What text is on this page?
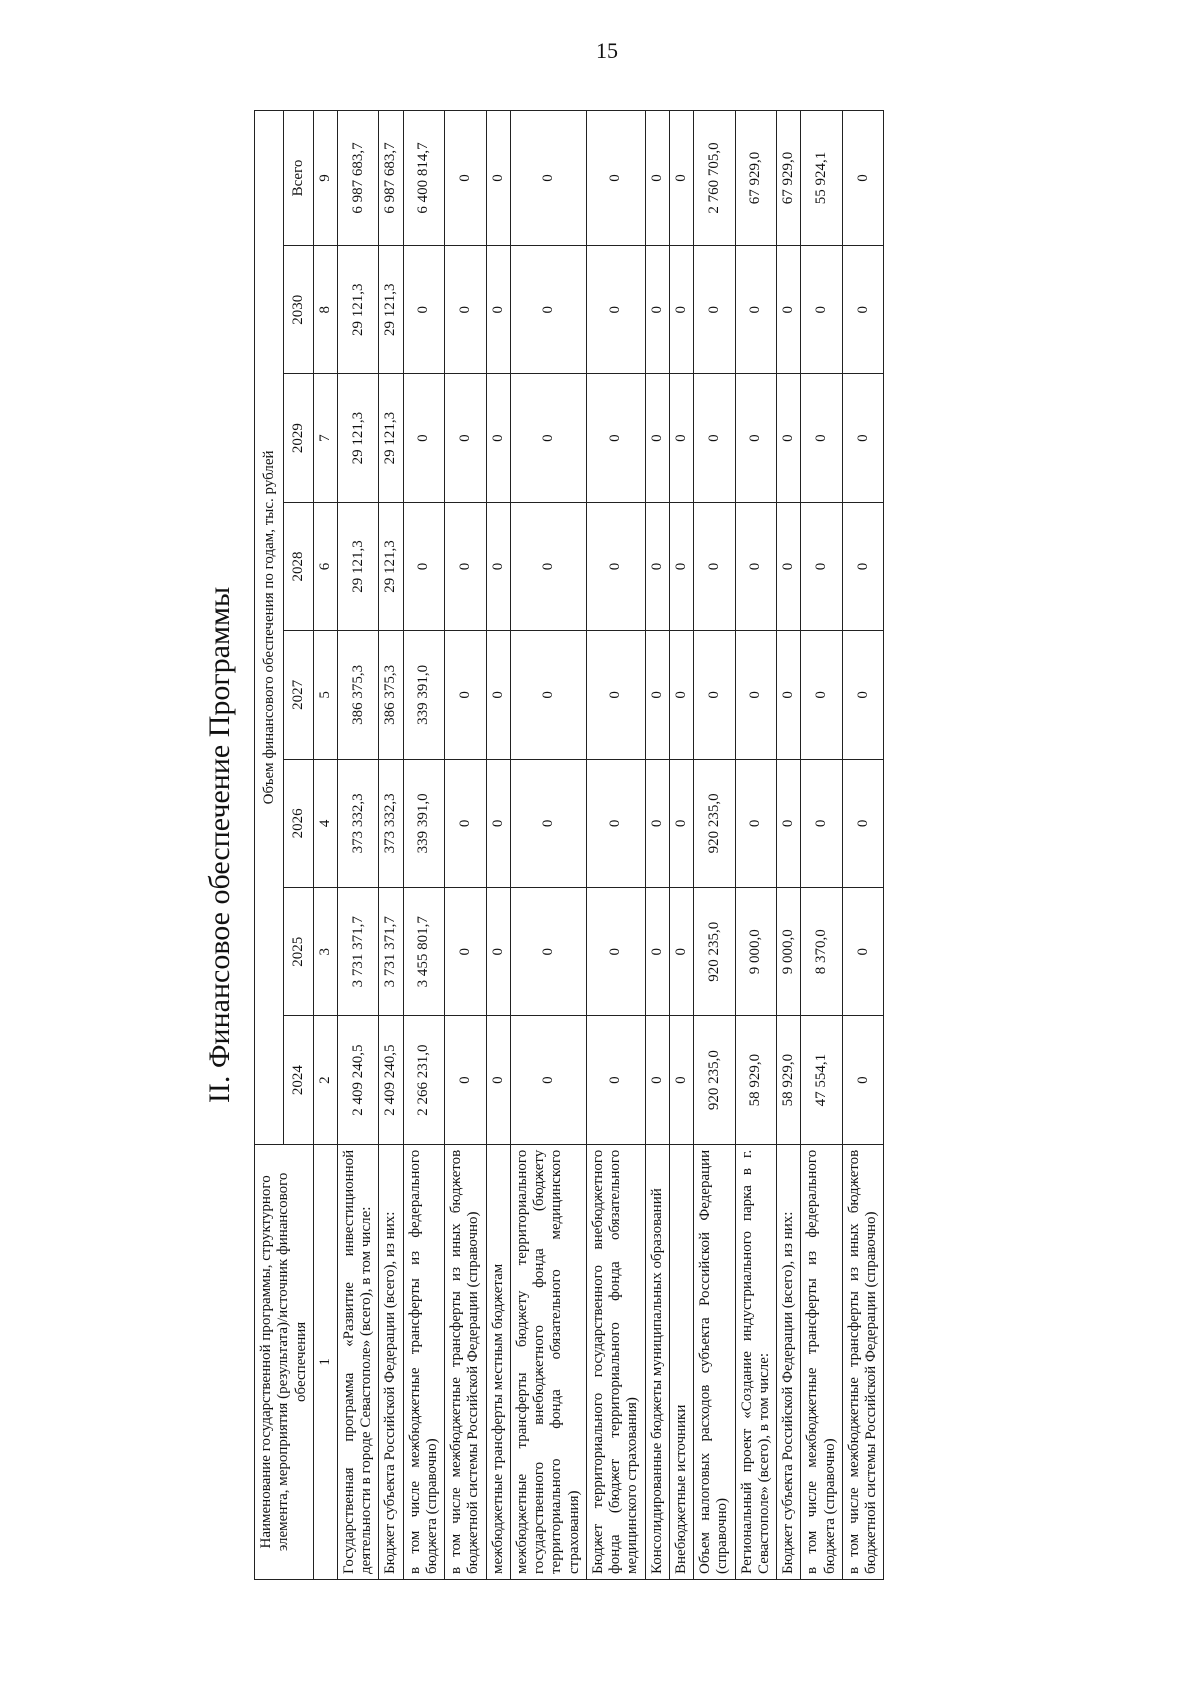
15
II. Финансовое обеспечение Программы
Наименование государственной программы, структурного элемента, мероприятия (результата)/источник финансового обеспечения	Объем финансового обеспечения по годам, тыс. рублей							
	2024	2025	2026	2027	2028	2029	2030	Всего
1	2	3	4	5	6	7	8	9
Государственная программа «Развитие инвестиционной деятельности в городе Севастополе» (всего), в том числе:	2 409 240,5	3 731 371,7	373 332,3	386 375,3	29 121,3	29 121,3	29 121,3	6 987 683,7
Бюджет субъекта Российской Федерации (всего), из них:	2 409 240,5	3 731 371,7	373 332,3	386 375,3	29 121,3	29 121,3	29 121,3	6 987 683,7
в том числе межбюджетные трансферты из федерального бюджета (справочно)	2 266 231,0	3 455 801,7	339 391,0	339 391,0	0	0	0	6 400 814,7
в том числе межбюджетные трансферты из иных бюджетов бюджетной системы Российской Федерации (справочно)	0	0	0	0	0	0	0	0
межбюджетные трансферты местным бюджетам	0	0	0	0	0	0	0	0
межбюджетные трансферты бюджету территориального государственного внебюджетного фонда (бюджету территориального фонда обязательного медицинского страхования)	0	0	0	0	0	0	0	0
Бюджет территориального государственного внебюджетного фонда (бюджет территориального фонда обязательного медицинского страхования)	0	0	0	0	0	0	0	0
Консолидированные бюджеты муниципальных образований	0	0	0	0	0	0	0	0
Внебюджетные источники	0	0	0	0	0	0	0	0
Объем налоговых расходов субъекта Российской Федерации (справочно)	920 235,0	920 235,0	920 235,0	0	0	0	0	2 760 705,0
Региональный проект «Создание индустриального парка в г. Севастополе» (всего), в том числе:	58 929,0	9 000,0	0	0	0	0	0	67 929,0
Бюджет субъекта Российской Федерации (всего), из них:	58 929,0	9 000,0	0	0	0	0	0	67 929,0
в том числе межбюджетные трансферты из федерального бюджета (справочно)	47 554,1	8 370,0	0	0	0	0	0	55 924,1
в том числе межбюджетные трансферты из иных бюджетов бюджетной системы Российской Федерации (справочно)	0	0	0	0	0	0	0	0
